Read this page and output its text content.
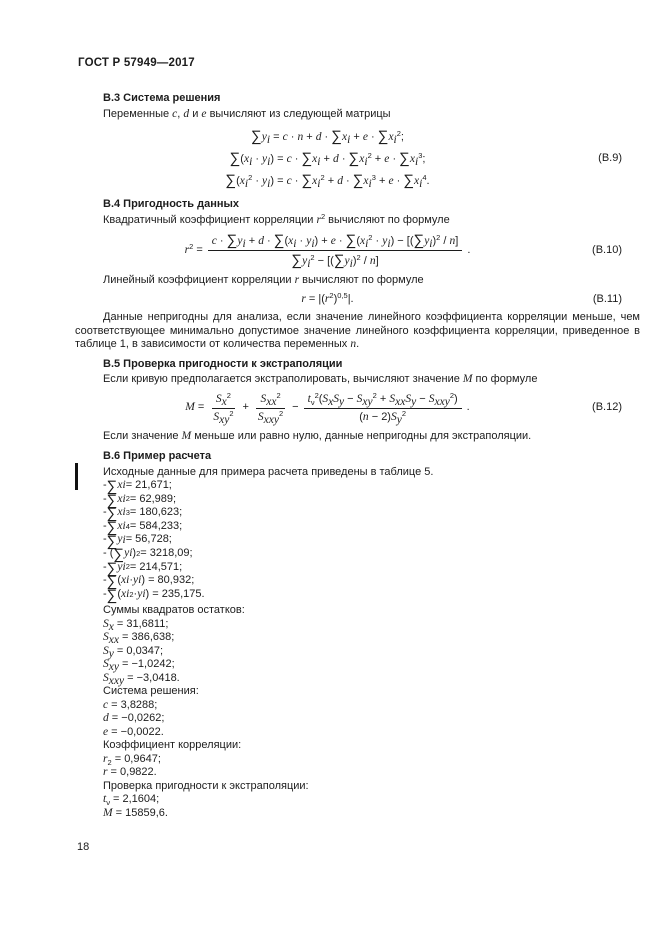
ГОСТ Р 57949—2017
В.3 Система решения

Переменные c, d и e вычисляют из следующей матрицы

$\sum y_i = c \cdot n + d \cdot \sum x_i + e \cdot \sum x_i^2$;
$\sum(x_i \cdot y_i) = c \cdot \sum x_i + d \cdot \sum x_i^2 + e \cdot \sum x_i^3$;
$\sum(x_i^2 \cdot y_i) = c \cdot \sum x_i^2 + d \cdot \sum x_i^3 + e \cdot \sum x_i^4$.
(В.9)
В.4 Пригодность данных

Квадратичный коэффициент корреляции $r^2$ вычисляют по формуле

$r^2 = \frac{c \cdot \sum y_i + d \cdot \sum(x_i \cdot y_i) + e \cdot \sum(x_i^2 \cdot y_i) - [(\sum y_i)^2 / n]}{\sum y_i^2 - [(\sum y_i)^2 / n]}$ .	(В.10)

Линейный коэффициент корреляции r вычисляют по формуле

$r = |(r^2)^{0,5}|$.	(В.11)

Данные непригодны для анализа, если значение линейного коэффициента корреляции меньше, чем соответствующее минимально допустимое значение линейного коэффициента корреляции, приведенное в таблице 1, в зависимости от количества переменных n.

В.5 Проверка пригодности к экстраполяции

Если кривую предполагается экстраполировать, вычисляют значение M по формуле

$M = \frac{S_x^2}{S_{xy}^2} + \frac{S_{xx}^2}{S_{xxy}^2} - \frac{t_\nu^2(S_xS_y - S_{xy}^2 + S_{xx}S_y - S_{xxy}^2)}{(n - 2)S_y^2}$ .	(В.12)

Если значение M меньше или равно нулю, данные непригодны для экстраполяции.

В.6 Пример расчета

Исходные данные для примера расчета приведены в таблице 5.

- ∑ x i = 21,671;
- ∑ x i 2 = 62,989;
- ∑ x i 3 = 180,623;
- ∑ x i 4 = 584,233;
- ∑ y i = 56,728;
- ( ∑ y i ) 2 = 3218,09;
- ∑ y i 2 = 214,571;
- ∑ ( x i · y i ) = 80,932;
- ∑ ( x i 2 · y i ) = 235,175.
Суммы квадратов остатков:
$S_x = 31,6811$;
$S_{xx} = 386,638$;
$S_y = 0,0347$;
$S_{xy} = -1,0242$;
$S_{xxy} = -3,0418$.
Система решения:
c = 3,8288;
d = −0,0262;
e = −0,0022.
Коэффициент корреляции:
$r_2 = 0,9647$;
r = 0,9822.
Проверка пригодности к экстраполяции:
$t_\nu = 2,1604$;
M = 15859,6.
18
